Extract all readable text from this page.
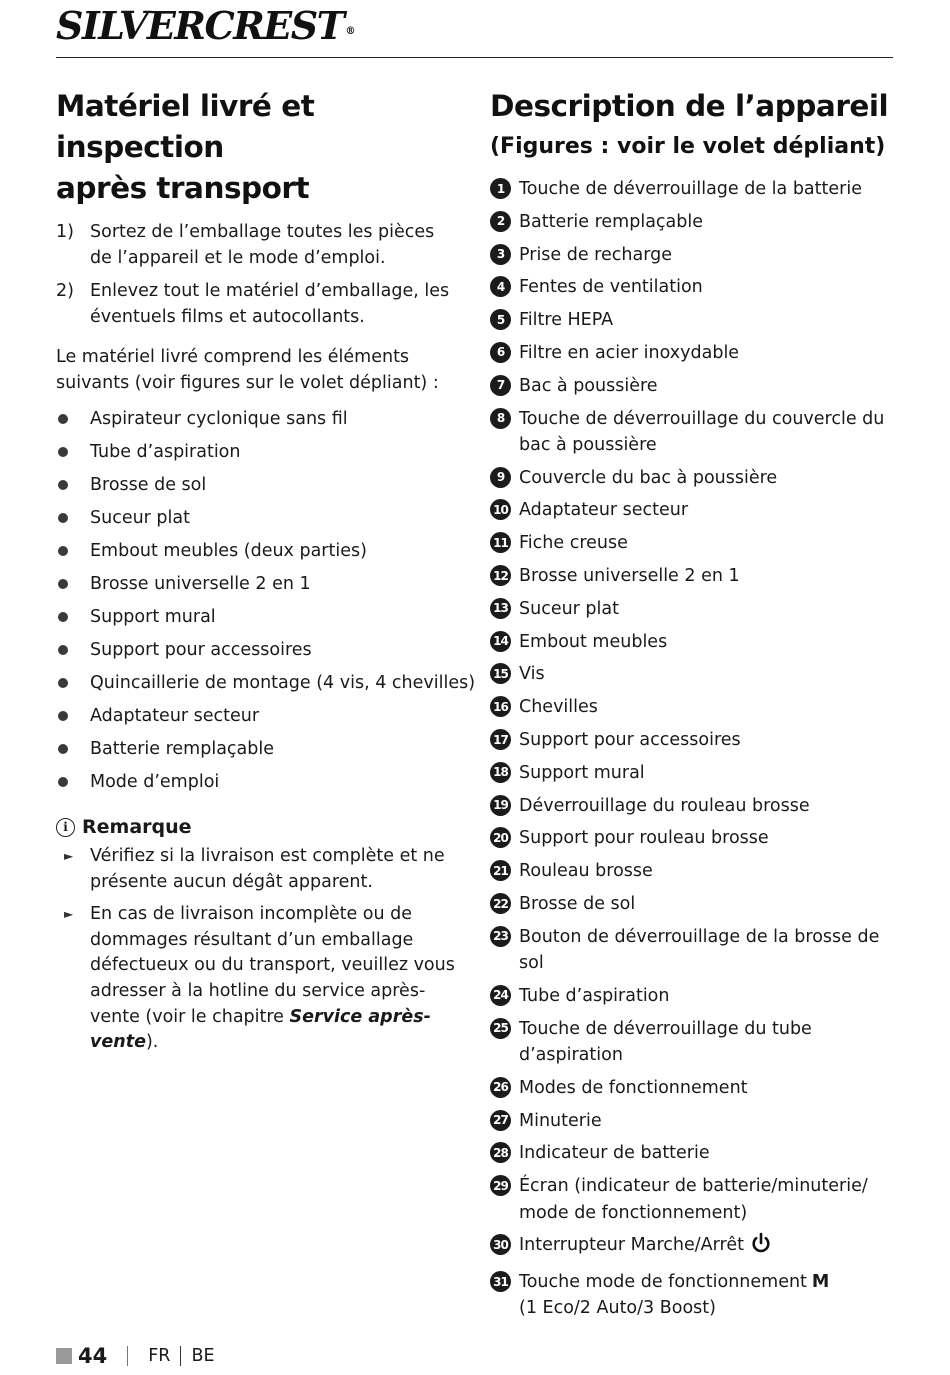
SILVERCREST ®
Matériel livré et inspection
après transport
1) Sortez de l’emballage toutes les pièces de l’appareil et le mode d’emploi.
2) Enlevez tout le matériel d’emballage, les éventuels films et autocollants.

Le matériel livré comprend les éléments suivants (voir figures sur le volet dépliant) :

Aspirateur cyclonique sans fil
Tube d’aspiration
Brosse de sol
Suceur plat
Embout meubles (deux parties)
Brosse universelle 2 en 1
Support mural
Support pour accessoires
Quincaillerie de montage (4 vis, 4 chevilles)
Adaptateur secteur
Batterie remplaçable
Mode d’emploi
i Remarque
► Vérifiez si la livraison est complète et ne présente aucun dégât apparent.
► En cas de livraison incomplète ou de dommages résultant d’un emballage défectueux ou du transport, veuillez vous adresser à la hotline du service après-vente (voir le chapitre Service après-vente).
Description de l’appareil
(Figures : voir le volet dépliant)
1 Touche de déverrouillage de la batterie
2 Batterie remplaçable
3 Prise de recharge
4 Fentes de ventilation
5 Filtre HEPA
6 Filtre en acier inoxydable
7 Bac à poussière
8 Touche de déverrouillage du couvercle du bac à poussière
9 Couvercle du bac à poussière
10 Adaptateur secteur
11 Fiche creuse
12 Brosse universelle 2 en 1
13 Suceur plat
14 Embout meubles
15 Vis
16 Chevilles
17 Support pour accessoires
18 Support mural
19 Déverrouillage du rouleau brosse
20 Support pour rouleau brosse
21 Rouleau brosse
22 Brosse de sol
23 Bouton de déverrouillage de la brosse de sol
24 Tube d’aspiration
25 Touche de déverrouillage du tube d’aspiration
26 Modes de fonctionnement
27 Minuterie
28 Indicateur de batterie
29 Écran (indicateur de batterie/minuterie/ mode de fonctionnement)
30 Interrupteur Marche/Arrêt
31 Touche mode de fonctionnement M
(1 Eco/2 Auto/3 Boost)
44 FR BE
